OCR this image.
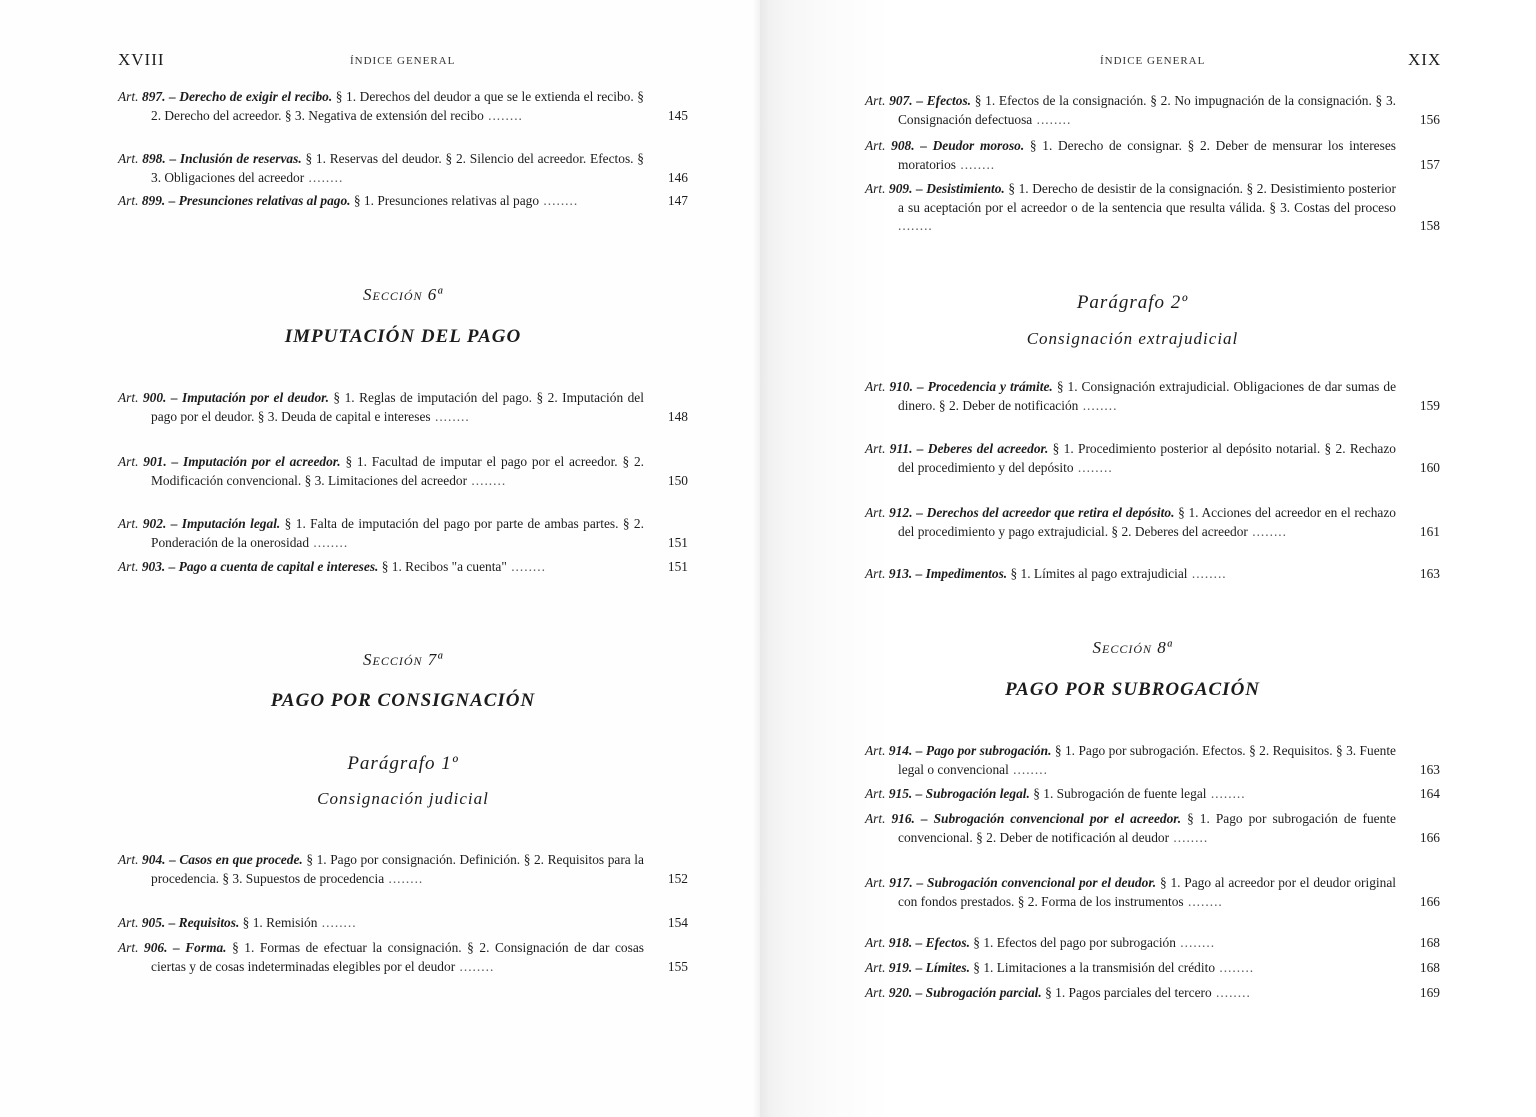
XVIII	ÍNDICE GENERAL
Art. 897. – Derecho de exigir el recibo. § 1. Derechos del deudor a que se le extienda el recibo. § 2. Derecho del acreedor. § 3. Negativa de extensión del recibo ........	145
Art. 898. – Inclusión de reservas. § 1. Reservas del deudor. § 2. Silencio del acreedor. Efectos. § 3. Obligaciones del acreedor ........	146
Art. 899. – Presunciones relativas al pago. § 1. Presunciones relativas al pago ........	147
Sección 6ª
IMPUTACIÓN DEL PAGO
Art. 900. – Imputación por el deudor. § 1. Reglas de imputación del pago. § 2. Imputación del pago por el deudor. § 3. Deuda de capital e intereses ........	148
Art. 901. – Imputación por el acreedor. § 1. Facultad de imputar el pago por el acreedor. § 2. Modificación convencional. § 3. Limitaciones del acreedor ........	150
Art. 902. – Imputación legal. § 1. Falta de imputación del pago por parte de ambas partes. § 2. Ponderación de la onerosidad ........	151
Art. 903. – Pago a cuenta de capital e intereses. § 1. Recibos "a cuenta" ........	151
Sección 7ª
PAGO POR CONSIGNACIÓN
Parágrafo 1º
Consignación judicial
Art. 904. – Casos en que procede. § 1. Pago por consignación. Definición. § 2. Requisitos para la procedencia. § 3. Supuestos de procedencia ........	152
Art. 905. – Requisitos. § 1. Remisión ........	154
Art. 906. – Forma. § 1. Formas de efectuar la consignación. § 2. Consignación de dar cosas ciertas y de cosas indeterminadas elegibles por el deudor ........	155
ÍNDICE GENERAL	XIX
Art. 907. – Efectos. § 1. Efectos de la consignación. § 2. No impugnación de la consignación. § 3. Consignación defectuosa ........	156
Art. 908. – Deudor moroso. § 1. Derecho de consignar. § 2. Deber de mensurar los intereses moratorios ........	157
Art. 909. – Desistimiento. § 1. Derecho de desistir de la consignación. § 2. Desistimiento posterior a su aceptación por el acreedor o de la sentencia que resulta válida. § 3. Costas del proceso ........	158
Parágrafo 2º
Consignación extrajudicial
Art. 910. – Procedencia y trámite. § 1. Consignación extrajudicial. Obligaciones de dar sumas de dinero. § 2. Deber de notificación ........	159
Art. 911. – Deberes del acreedor. § 1. Procedimiento posterior al depósito notarial. § 2. Rechazo del procedimiento y del depósito ........	160
Art. 912. – Derechos del acreedor que retira el depósito. § 1. Acciones del acreedor en el rechazo del procedimiento y pago extrajudicial. § 2. Deberes del acreedor ........	161
Art. 913. – Impedimentos. § 1. Límites al pago extrajudicial ........	163
Sección 8ª
PAGO POR SUBROGACIÓN
Art. 914. – Pago por subrogación. § 1. Pago por subrogación. Efectos. § 2. Requisitos. § 3. Fuente legal o convencional ........	163
Art. 915. – Subrogación legal. § 1. Subrogación de fuente legal ........	164
Art. 916. – Subrogación convencional por el acreedor. § 1. Pago por subrogación de fuente convencional. § 2. Deber de notificación al deudor ........	166
Art. 917. – Subrogación convencional por el deudor. § 1. Pago al acreedor por el deudor original con fondos prestados. § 2. Forma de los instrumentos ........	166
Art. 918. – Efectos. § 1. Efectos del pago por subrogación ........	168
Art. 919. – Límites. § 1. Limitaciones a la transmisión del crédito ........	168
Art. 920. – Subrogación parcial. § 1. Pagos parciales del tercero ........	169
